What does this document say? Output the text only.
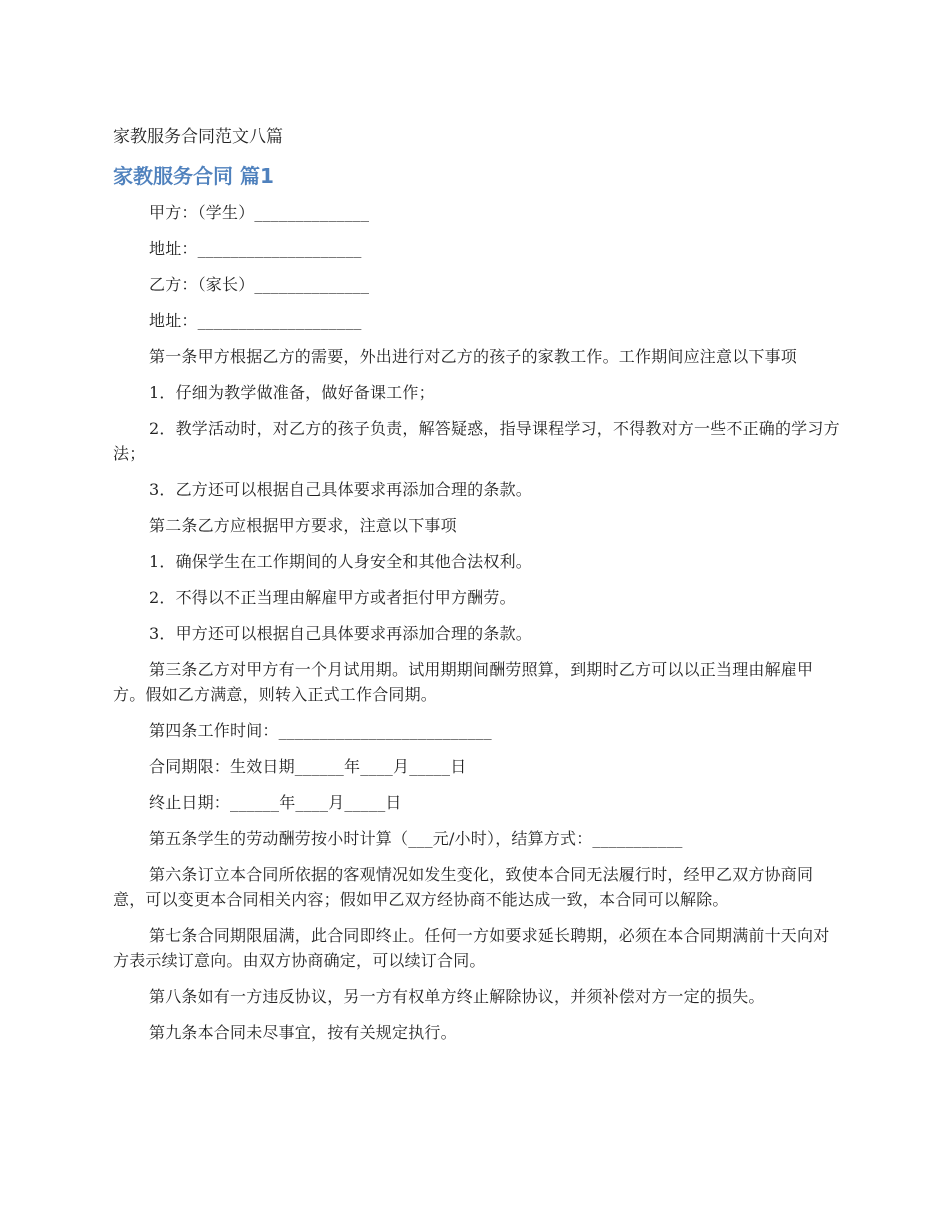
家教服务合同范文八篇
家教服务合同 篇1

甲方：（学生）______________

地址：____________________

乙方：（家长）______________

地址：____________________

第一条甲方根据乙方的需要，外出进行对乙方的孩子的家教工作。工作期间应注意以下事项

1．仔细为教学做准备，做好备课工作；

2．教学活动时，对乙方的孩子负责，解答疑惑，指导课程学习，不得教对方一些不正确的学习方法；

3．乙方还可以根据自己具体要求再添加合理的条款。

第二条乙方应根据甲方要求，注意以下事项

1．确保学生在工作期间的人身安全和其他合法权利。

2．不得以不正当理由解雇甲方或者拒付甲方酬劳。

3．甲方还可以根据自己具体要求再添加合理的条款。

第三条乙方对甲方有一个月试用期。试用期期间酬劳照算，到期时乙方可以以正当理由解雇甲方。假如乙方满意，则转入正式工作合同期。

第四条工作时间：__________________________

合同期限：生效日期______年____月_____日

终止日期：______年____月_____日

第五条学生的劳动酬劳按小时计算（___元/小时），结算方式：___________

第六条订立本合同所依据的客观情况如发生变化，致使本合同无法履行时，经甲乙双方协商同意，可以变更本合同相关内容；假如甲乙双方经协商不能达成一致，本合同可以解除。

第七条合同期限届满，此合同即终止。任何一方如要求延长聘期，必须在本合同期满前十天向对方表示续订意向。由双方协商确定，可以续订合同。

第八条如有一方违反协议，另一方有权单方终止解除协议，并须补偿对方一定的损失。

第九条本合同未尽事宜，按有关规定执行。
